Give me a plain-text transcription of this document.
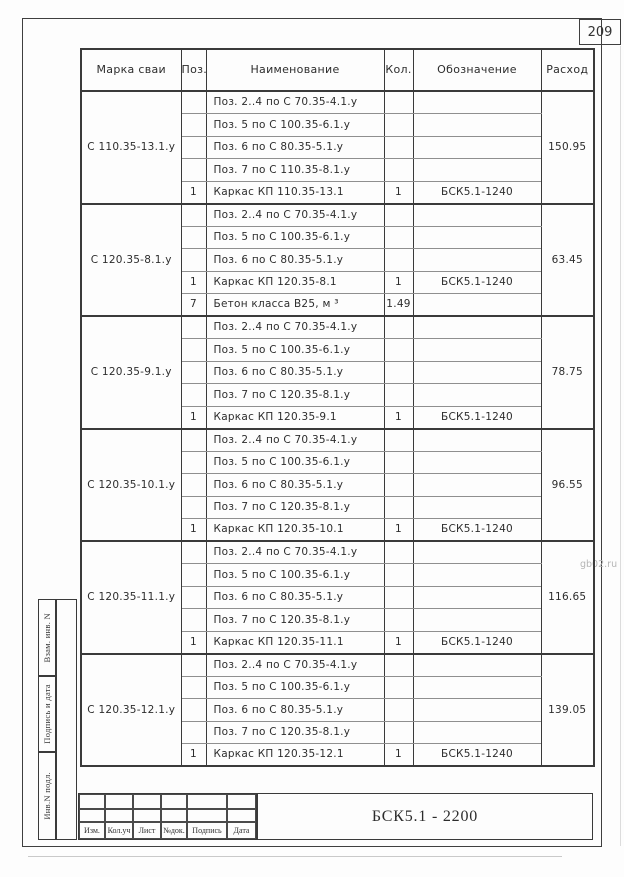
209
gb02.ru
Марка сваи	Поз.	Наименование	Кол.	Обозначение	Расход
С 110.35-13.1.у		Поз. 2..4 по С 70.35-4.1.у			150.95
		Поз. 5 по С 100.35-6.1.у			
		Поз. 6 по С 80.35-5.1.у			
		Поз. 7 по С 110.35-8.1.у			
	1	Каркас КП 110.35-13.1	1	БСК5.1-1240	
С 120.35-8.1.у		Поз. 2..4 по С 70.35-4.1.у			63.45
		Поз. 5 по С 100.35-6.1.у			
		Поз. 6 по С 80.35-5.1.у			
	1	Каркас КП 120.35-8.1	1	БСК5.1-1240	
	7	Бетон класса В25, м ³	1.49		
С 120.35-9.1.у		Поз. 2..4 по С 70.35-4.1.у			78.75
		Поз. 5 по С 100.35-6.1.у			
		Поз. 6 по С 80.35-5.1.у			
		Поз. 7 по С 120.35-8.1.у			
	1	Каркас КП 120.35-9.1	1	БСК5.1-1240	
С 120.35-10.1.у		Поз. 2..4 по С 70.35-4.1.у			96.55
		Поз. 5 по С 100.35-6.1.у			
		Поз. 6 по С 80.35-5.1.у			
		Поз. 7 по С 120.35-8.1.у			
	1	Каркас КП 120.35-10.1	1	БСК5.1-1240	
С 120.35-11.1.у		Поз. 2..4 по С 70.35-4.1.у			116.65
		Поз. 5 по С 100.35-6.1.у			
		Поз. 6 по С 80.35-5.1.у			
		Поз. 7 по С 120.35-8.1.у			
	1	Каркас КП 120.35-11.1	1	БСК5.1-1240	
С 120.35-12.1.у		Поз. 2..4 по С 70.35-4.1.у			139.05
		Поз. 5 по С 100.35-6.1.у			
		Поз. 6 по С 80.35-5.1.у			
		Поз. 7 по С 120.35-8.1.у			
	1	Каркас КП 120.35-12.1	1	БСК5.1-1240	
Взам. инв. N
Подпись и дата
Инв.N подл.
Изм. Кол.уч	Лист №док. Подпись	Дата
БСК5.1 - 2200
